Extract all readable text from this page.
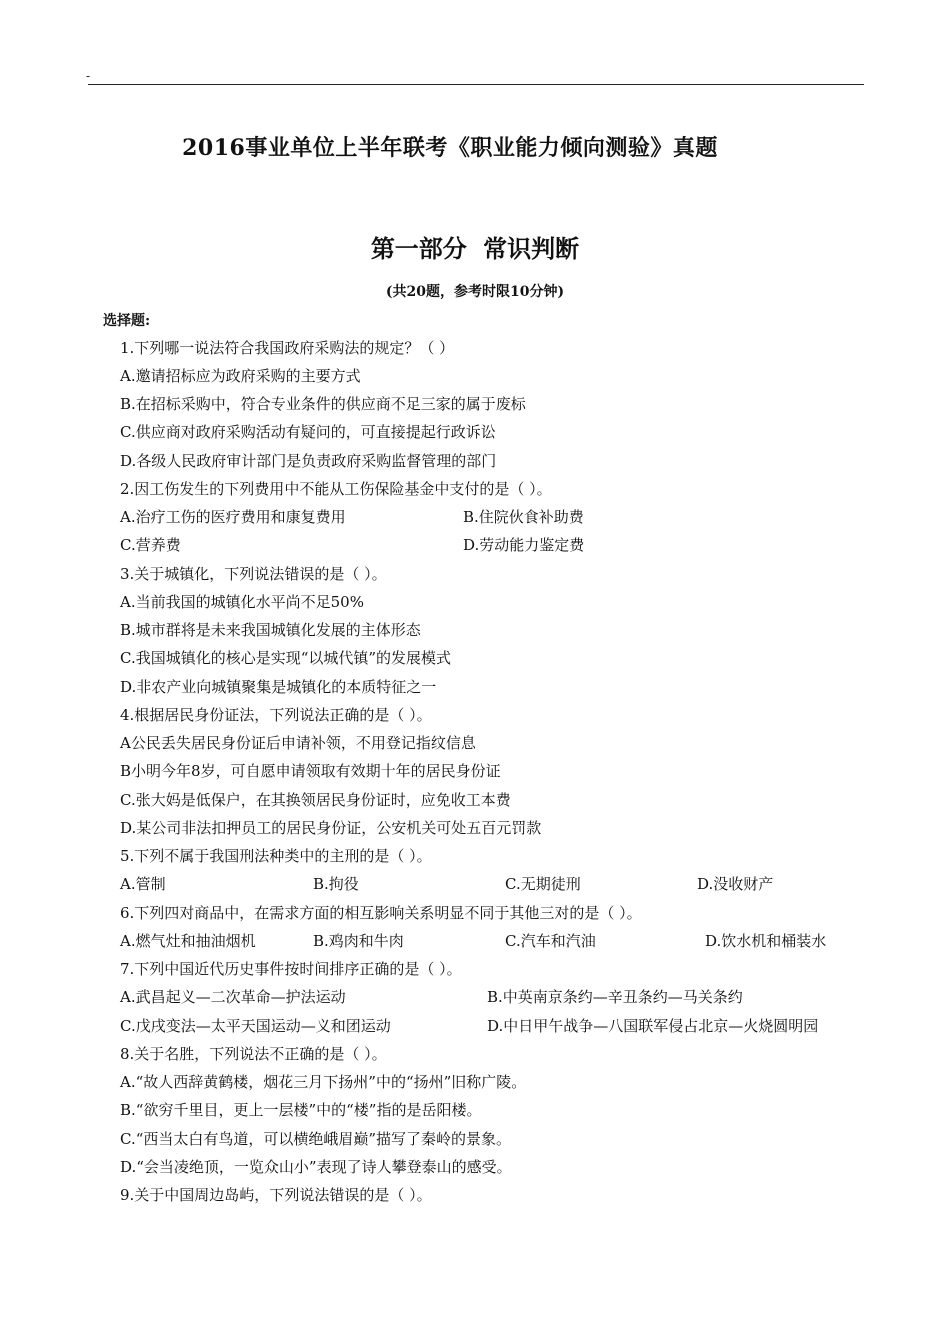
-
2016事业单位上半年联考《职业能力倾向测验》真题
第一部分 常识判断
(共20题，参考时限10分钟)
选择题:
1.下列哪一说法符合我国政府采购法的规定？（ ）
A.邀请招标应为政府采购的主要方式
B.在招标采购中，符合专业条件的供应商不足三家的属于废标
C.供应商对政府采购活动有疑问的，可直接提起行政诉讼
D.各级人民政府审计部门是负责政府采购监督管理的部门
2.因工伤发生的下列费用中不能从工伤保险基金中支付的是（ ）。
A.治疗工伤的医疗费用和康复费用	B.住院伙食补助费
C.营养费	D.劳动能力鉴定费
3.关于城镇化，下列说法错误的是（ ）。
A.当前我国的城镇化水平尚不足50%
B.城市群将是未来我国城镇化发展的主体形态
C.我国城镇化的核心是实现“以城代镇”的发展模式
D.非农产业向城镇聚集是城镇化的本质特征之一
4.根据居民身份证法，下列说法正确的是（ ）。
A公民丢失居民身份证后申请补领，不用登记指纹信息
B小明今年8岁，可自愿申请领取有效期十年的居民身份证
C.张大妈是低保户，在其换领居民身份证时，应免收工本费
D.某公司非法扣押员工的居民身份证，公安机关可处五百元罚款
5.下列不属于我国刑法种类中的主刑的是（ ）。
A.管制	B.拘役	C.无期徒刑	D.没收财产
6.下列四对商品中，在需求方面的相互影响关系明显不同于其他三对的是（ ）。
A.燃气灶和抽油烟机	B.鸡肉和牛肉	C.汽车和汽油	D.饮水机和桶装水
7.下列中国近代历史事件按时间排序正确的是（ ）。
A.武昌起义—二次革命—护法运动	B.中英南京条约—辛丑条约—马关条约
C.戊戌变法—太平天国运动—义和团运动	D.中日甲午战争—八国联军侵占北京—火烧圆明园
8.关于名胜，下列说法不正确的是（ ）。
A.“故人西辞黄鹤楼，烟花三月下扬州”中的“扬州”旧称广陵。
B.“欲穷千里目，更上一层楼”中的“楼”指的是岳阳楼。
C.“西当太白有鸟道，可以横绝峨眉巅”描写了秦岭的景象。
D.“会当凌绝顶，一览众山小”表现了诗人攀登泰山的感受。
9.关于中国周边岛屿，下列说法错误的是（ ）。
